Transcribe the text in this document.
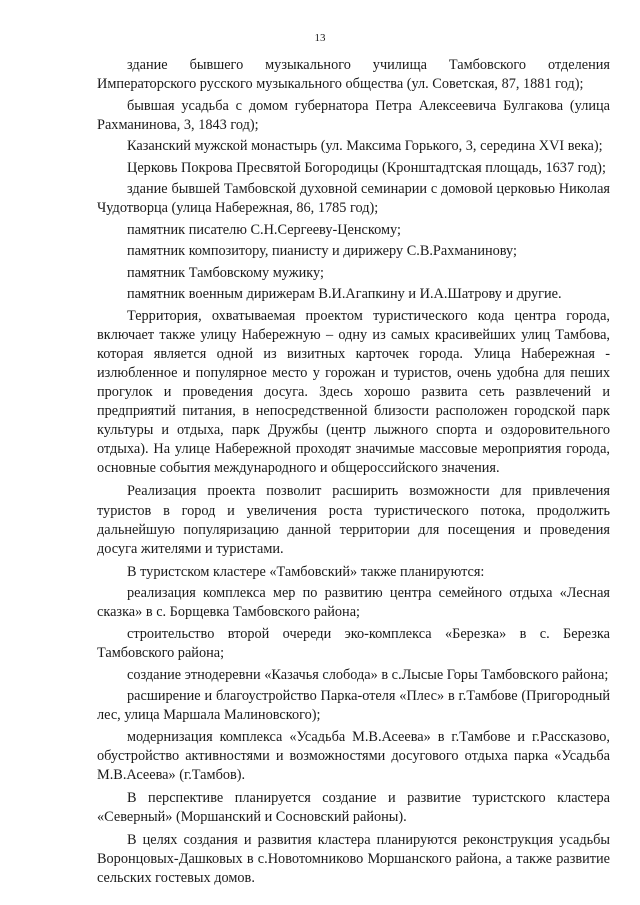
13

здание бывшего музыкального училища Тамбовского отделения Императорского русского музыкального общества (ул. Советская, 87, 1881 год);

бывшая усадьба с домом губернатора Петра Алексеевича Булгакова (улица Рахманинова, 3, 1843 год);

Казанский мужской монастырь (ул. Максима Горького, 3, середина XVI века);

Церковь Покрова Пресвятой Богородицы (Кронштадтская площадь, 1637 год);

здание бывшей Тамбовской духовной семинарии с домовой церковью Николая Чудотворца (улица Набережная, 86, 1785 год);

памятник писателю С.Н.Сергееву-Ценскому;

памятник композитору, пианисту и дирижеру С.В.Рахманинову;

памятник Тамбовскому мужику;

памятник военным дирижерам В.И.Агапкину и И.А.Шатрову и другие.

Территория, охватываемая проектом туристического кода центра города, включает также улицу Набережную – одну из самых красивейших улиц Тамбова, которая является одной из визитных карточек города. Улица Набережная - излюбленное и популярное место у горожан и туристов, очень удобна для пеших прогулок и проведения досуга. Здесь хорошо развита сеть развлечений и предприятий питания, в непосредственной близости расположен городской парк культуры и отдыха, парк Дружбы (центр лыжного спорта и оздоровительного отдыха). На улице Набережной проходят значимые массовые мероприятия города, основные события международного и общероссийского значения.

Реализация проекта позволит расширить возможности для привлечения туристов в город и увеличения роста туристического потока, продолжить дальнейшую популяризацию данной территории для посещения и проведения досуга жителями и туристами.

В туристском кластере «Тамбовский» также планируются:

реализация комплекса мер по развитию центра семейного отдыха «Лесная сказка» в с. Борщевка Тамбовского района;

строительство второй очереди эко-комплекса «Березка» в с. Березка Тамбовского района;

создание этнодеревни «Казачья слобода» в с.Лысые Горы Тамбовского района;

расширение и благоустройство Парка-отеля «Плес» в г.Тамбове (Пригородный лес, улица Маршала Малиновского);

модернизация комплекса «Усадьба М.В.Асеева» в г.Тамбове и г.Рассказово, обустройство активностями и возможностями досугового отдыха парка «Усадьба М.В.Асеева» (г.Тамбов).

В перспективе планируется создание и развитие туристского кластера «Северный» (Моршанский и Сосновский районы).

В целях создания и развития кластера планируются реконструкция усадьбы Воронцовых-Дашковых в с.Новотомниково Моршанского района, а также развитие сельских гостевых домов.
